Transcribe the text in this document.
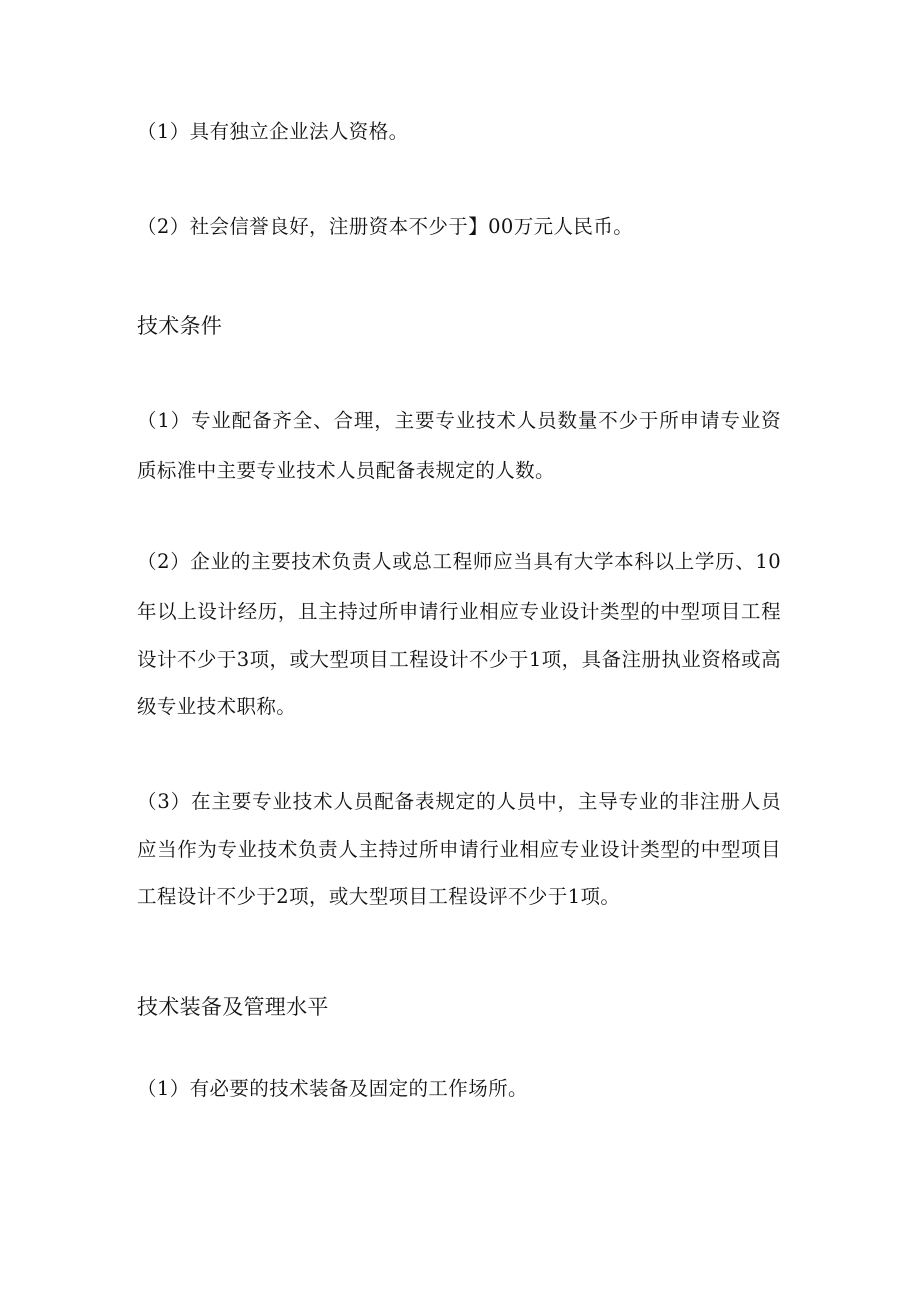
（1）具有独立企业法人资格。
（2）社会信誉良好，注册资本不少于】00万元人民币。
技术条件
（1）专业配备齐全、合理，主要专业技术人员数量不少于所申请专业资
质标准中主要专业技术人员配备表规定的人数。
（2）企业的主要技术负责人或总工程师应当具有大学本科以上学历、10
年以上设计经历，且主持过所申请行业相应专业设计类型的中型项目工程
设计不少于3项，或大型项目工程设计不少于1项，具备注册执业资格或高
级专业技术职称。
（3）在主要专业技术人员配备表规定的人员中，主导专业的非注册人员
应当作为专业技术负责人主持过所申请行业相应专业设计类型的中型项目
工程设计不少于2项，或大型项目工程设评不少于1项。
技术装备及管理水平
（1）有必要的技术装备及固定的工作场所。
